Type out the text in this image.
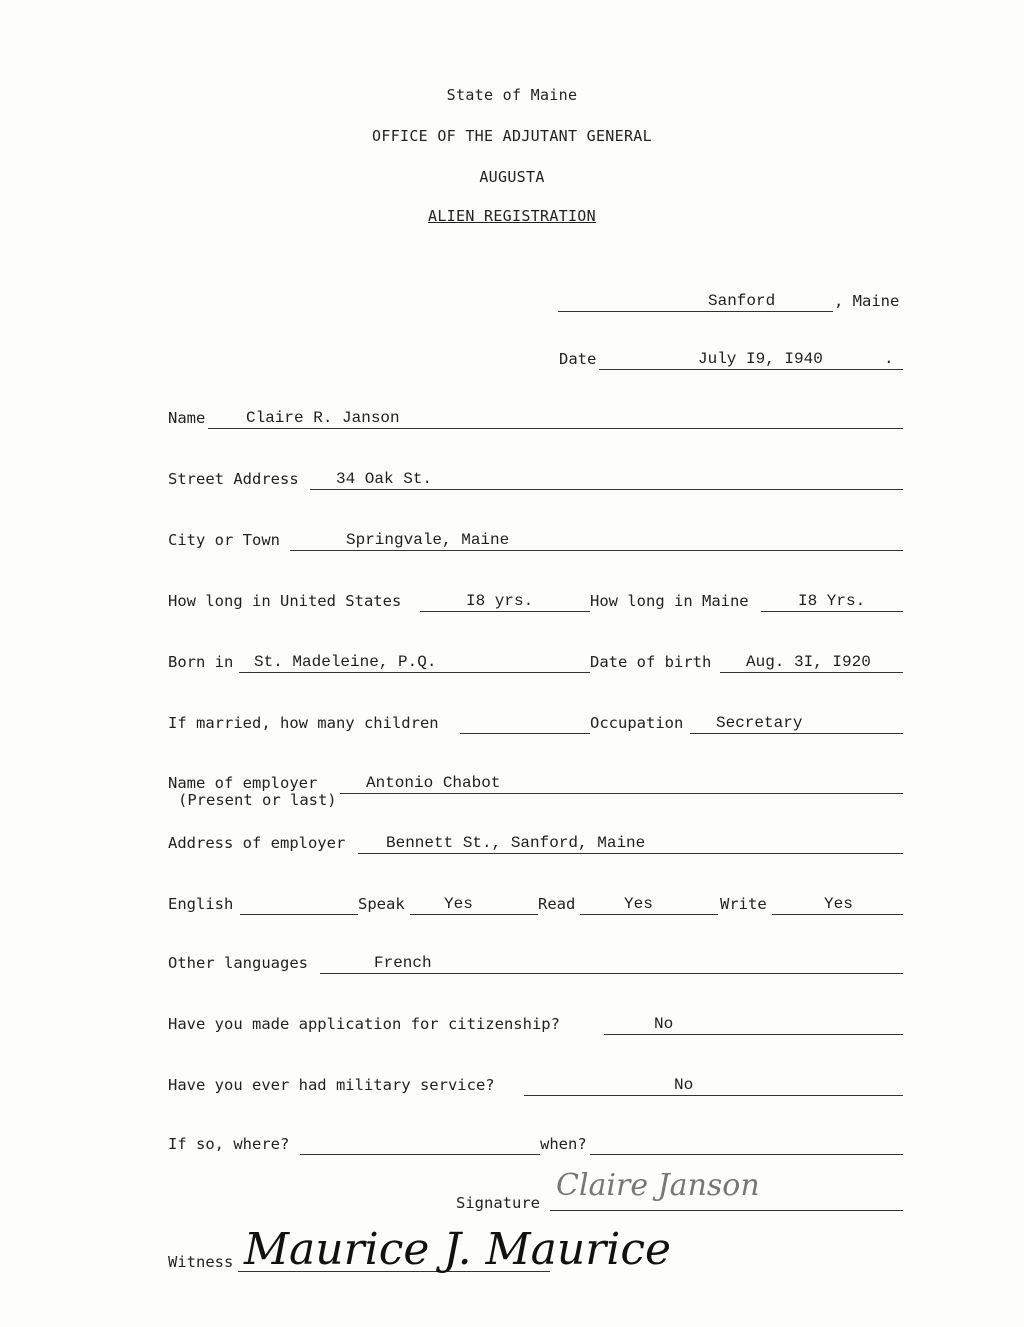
State of Maine
OFFICE OF THE ADJUTANT GENERAL
AUGUSTA
ALIEN REGISTRATION
Sanford	, Maine
Date	July I9, I940	.
Name	Claire R. Janson
Street Address 34 Oak St.
City or Town	Springvale, Maine
How long in United States	I8 yrs.	How long in Maine	I8 Yrs.
Born in St. Madeleine, P.Q.	Date of birth Aug. 3I, I920
If married, how many children	Occupation Secretary
Name of employer	Antonio Chabot
(Present or last)
Address of employer	Bennett St., Sanford, Maine
English	Speak Yes	Read	Yes	Write	Yes
Other languages	French
Have you made application for citizenship?	No
Have you ever had military service?	No
If so, where?	when?
Signature Claire Janson
Witness Maurice J. Maurice
